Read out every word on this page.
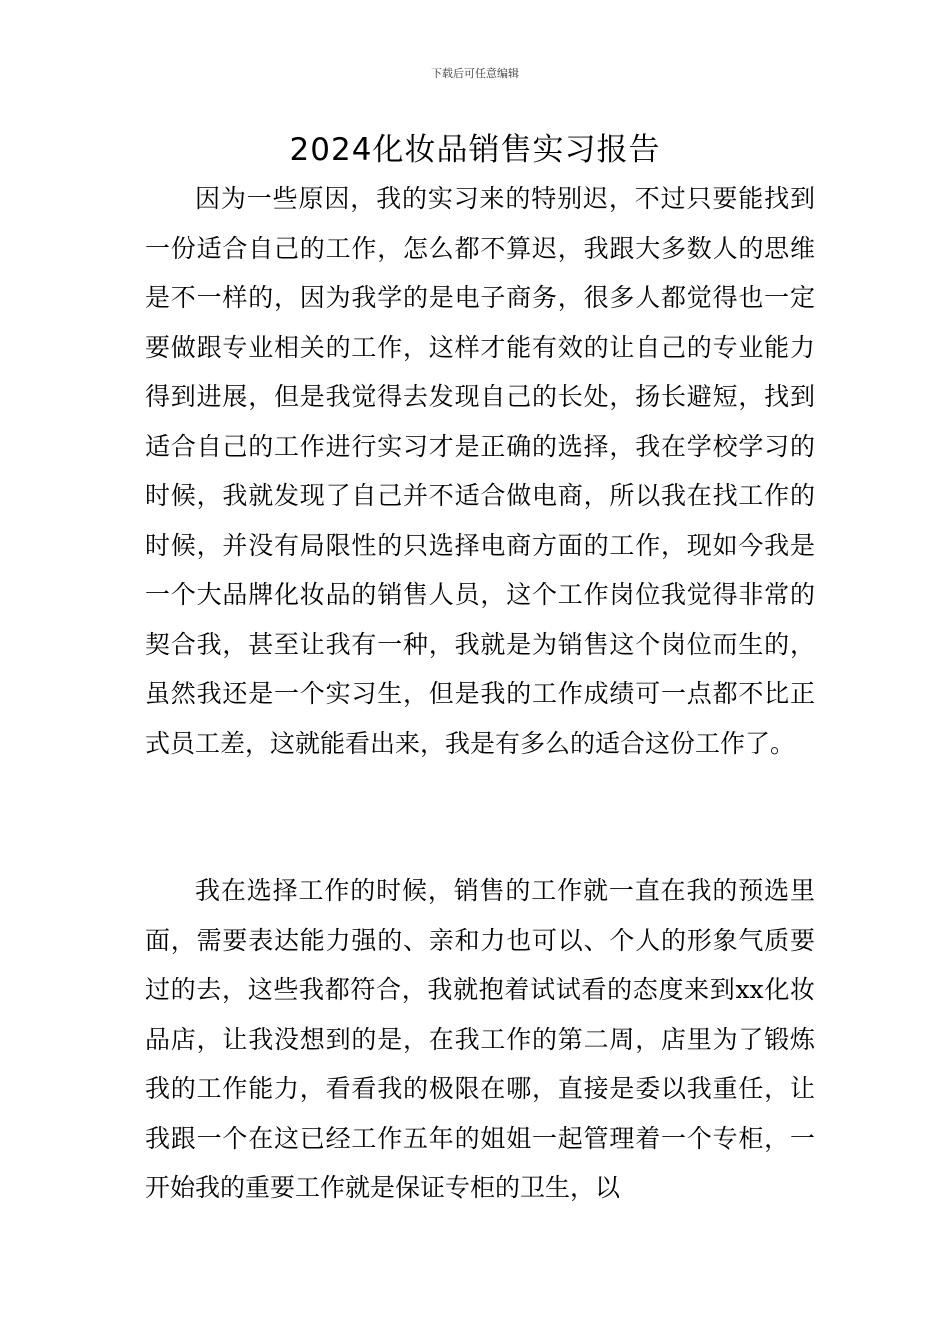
下载后可任意编辑
2024化妆品销售实习报告

因为一些原因，我的实习来的特别迟，不过只要能找到一份适合自己的工作，怎么都不算迟，我跟大多数人的思维是不一样的，因为我学的是电子商务，很多人都觉得也一定要做跟专业相关的工作，这样才能有效的让自己的专业能力得到进展，但是我觉得去发现自己的长处，扬长避短，找到适合自己的工作进行实习才是正确的选择，我在学校学习的时候，我就发现了自己并不适合做电商，所以我在找工作的时候，并没有局限性的只选择电商方面的工作，现如今我是一个大品牌化妆品的销售人员，这个工作岗位我觉得非常的契合我，甚至让我有一种，我就是为销售这个岗位而生的，虽然我还是一个实习生，但是我的工作成绩可一点都不比正式员工差，这就能看出来，我是有多么的适合这份工作了。

我在选择工作的时候，销售的工作就一直在我的预选里面，需要表达能力强的、亲和力也可以、个人的形象气质要过的去，这些我都符合，我就抱着试试看的态度来到xx化妆品店，让我没想到的是，在我工作的第二周，店里为了锻炼我的工作能力，看看我的极限在哪，直接是委以我重任，让我跟一个在这已经工作五年的姐姐一起管理着一个专柜，一开始我的重要工作就是保证专柜的卫生，以
